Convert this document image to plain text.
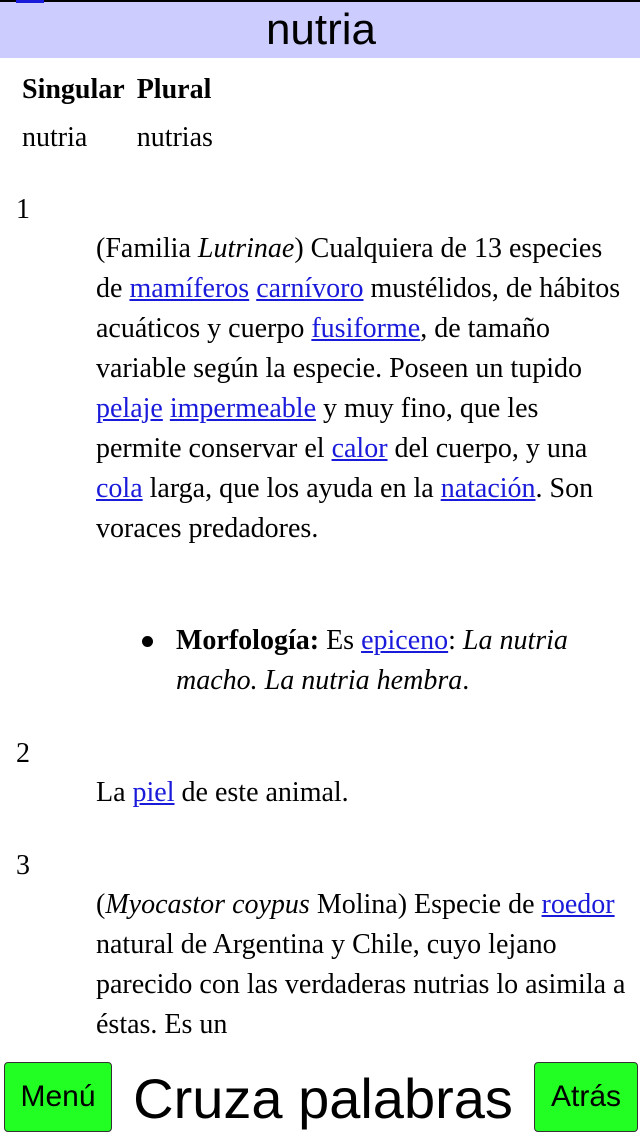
nutria
Singular	Plural
nutria	nutrias
1
(Familia Lutrinae) Cualquiera de 13 especies de mamíferos carnívoro mustélidos, de hábitos acuáticos y cuerpo fusiforme, de tamaño variable según la especie. Poseen un tupido pelaje impermeable y muy fino, que les permite conservar el calor del cuerpo, y una cola larga, que los ayuda en la natación. Son voraces predadores.
Morfología: Es epiceno: La nutria macho. La nutria hembra.
2
La piel de este animal.
3
(Myocastor coypus Molina) Especie de roedor natural de Argentina y Chile, cuyo lejano parecido con las verdaderas nutrias lo asimila a éstas. Es un
Menú Cruza palabras	Atrás
